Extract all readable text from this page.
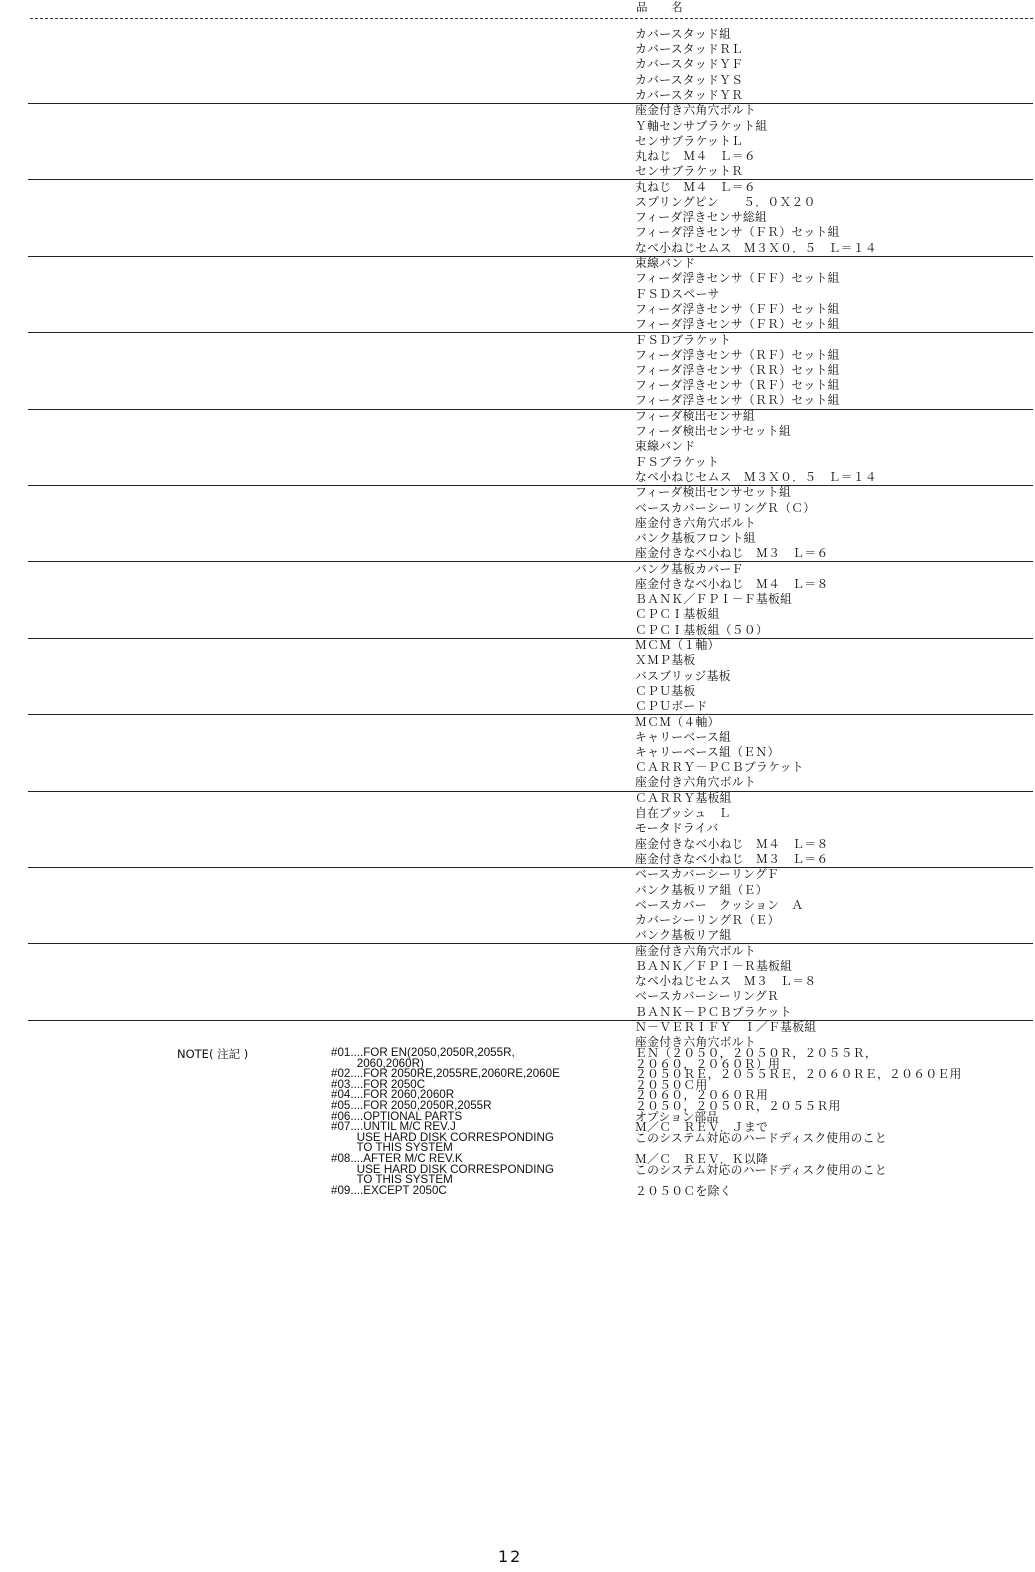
品 名
カバースタッド組
カバースタッドＲＬ
カバースタッドＹＦ
カバースタッドＹＳ
カバースタッドＹＲ
座金付き六角穴ボルト
Ｙ軸センサブラケット組
センサブラケットＬ
丸ねじ　Ｍ４　Ｌ＝６
センサブラケットＲ
丸ねじ　Ｍ４　Ｌ＝６
スプリングピン　　５．０Ｘ２０
フィーダ浮きセンサ総組
フィーダ浮きセンサ（ＦＲ）セット組
なべ小ねじセムス　Ｍ３Ｘ０．５　Ｌ＝１４
束線バンド
フィーダ浮きセンサ（ＦＦ）セット組
ＦＳＤスペーサ
フィーダ浮きセンサ（ＦＦ）セット組
フィーダ浮きセンサ（ＦＲ）セット組
ＦＳＤブラケット
フィーダ浮きセンサ（ＲＦ）セット組
フィーダ浮きセンサ（ＲＲ）セット組
フィーダ浮きセンサ（ＲＦ）セット組
フィーダ浮きセンサ（ＲＲ）セット組
フィーダ検出センサ組
フィーダ検出センサセット組
束線バンド
ＦＳブラケット
なべ小ねじセムス　Ｍ３Ｘ０．５　Ｌ＝１４
フィーダ検出センサセット組
ベースカバーシーリングＲ（Ｃ）
座金付き六角穴ボルト
バンク基板フロント組
座金付きなべ小ねじ　Ｍ３　Ｌ＝６
バンク基板カバーＦ
座金付きなべ小ねじ　Ｍ４　Ｌ＝８
ＢＡＮＫ／ＦＰＩ－Ｆ基板組
ＣＰＣＩ基板組
ＣＰＣＩ基板組（５０）
ＭＣＭ（１軸）
ＸＭＰ基板
バスブリッジ基板
ＣＰＵ基板
ＣＰＵボード
ＭＣＭ（４軸）
キャリーベース組
キャリーベース組（ＥＮ）
ＣＡＲＲＹ－ＰＣＢブラケット
座金付き六角穴ボルト
ＣＡＲＲＹ基板組
自在ブッシュ　Ｌ
モータドライバ
座金付きなべ小ねじ　Ｍ４　Ｌ＝８
座金付きなべ小ねじ　Ｍ３　Ｌ＝６
ベースカバーシーリングＦ
バンク基板リア組（Ｅ）
ベースカバー　クッション　Ａ
カバーシーリングＲ（Ｅ）
バンク基板リア組
座金付き六角穴ボルト
ＢＡＮＫ／ＦＰＩ－Ｒ基板組
なべ小ねじセムス　Ｍ３　Ｌ＝８
ベースカバーシーリングＲ
ＢＡＮＫ－ＰＣＢブラケット
Ｎ－ＶＥＲＩＦＹ　Ｉ／Ｆ基板組
座金付き六角穴ボルト
NOTE( 注記 )	#01....FOR EN(2050,2050R,2055R,
2060,2060R)
#02....FOR 2050RE,2055RE,2060RE,2060E
#03....FOR 2050C
#04....FOR 2060,2060R
#05....FOR 2050,2050R,2055R
#06....OPTIONAL PARTS
#07....UNTIL M/C REV.J
USE HARD DISK CORRESPONDING
TO THIS SYSTEM
#08....AFTER M/C REV.K
USE HARD DISK CORRESPONDING
TO THIS SYSTEM
#09....EXCEPT 2050C
ＥＮ（２０５０，２０５０Ｒ，２０５５Ｒ，
２０６０，２０６０Ｒ）用
２０５０ＲＥ，２０５５ＲＥ，２０６０ＲＥ，２０６０Ｅ用
２０５０Ｃ用
２０６０，２０６０Ｒ用
２０５０，２０５０Ｒ，２０５５Ｒ用
オプション部品
Ｍ／Ｃ　ＲＥＶ．Ｊまで
このシステム対応のハードディスク使用のこと
Ｍ／Ｃ　ＲＥＶ．Ｋ以降
このシステム対応のハードディスク使用のこと
２０５０Ｃを除く
12
